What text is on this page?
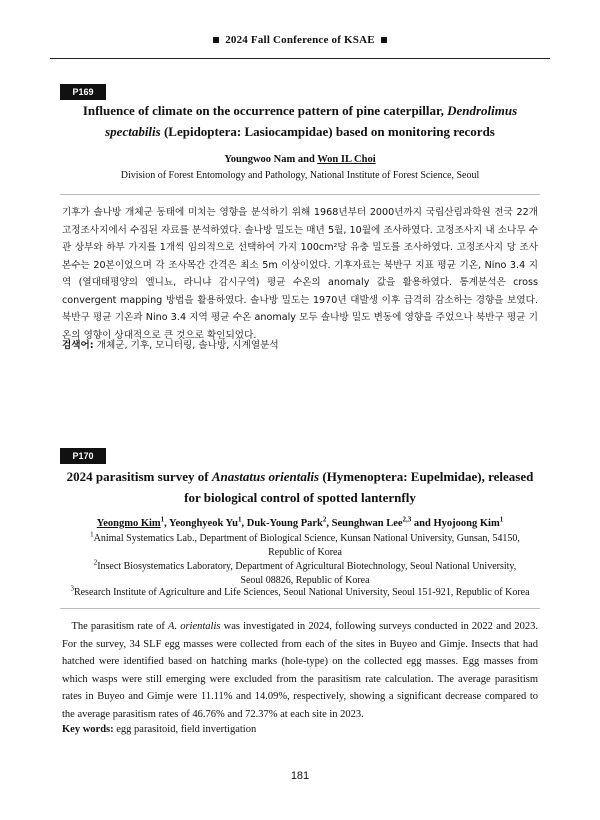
2024 Fall Conference of KSAE
P169
Influence of climate on the occurrence pattern of pine caterpillar, Dendrolimus spectabilis (Lepidoptera: Lasiocampidae) based on monitoring records
Youngwoo Nam and Won IL Choi
Division of Forest Entomology and Pathology, National Institute of Forest Science, Seoul
기후가 솔나방 개체군 동태에 미치는 영향을 분석하기 위해 1968년부터 2000년까지 국립산림과학원 전국 22개 고정조사지에서 수집된 자료를 분석하였다. 솔나방 밀도는 매년 5월, 10월에 조사하였다. 고정조사지 내 소나무 수관 상부와 하부 가지를 1개씩 임의적으로 선택하여 가지 100cm²당 유충 밀도를 조사하였다. 고정조사지 당 조사 본수는 20본이었으며 각 조사목간 간격은 최소 5m 이상이었다. 기후자료는 북반구 지표 평균 기온, Nino 3.4 지역 (열대태평양의 엘니뇨, 라니냐 감시구역) 평균 수온의 anomaly 값을 활용하였다. 통계분석은 cross convergent mapping 방법을 활용하였다. 솔나방 밀도는 1970년 대발생 이후 급격히 감소하는 경향을 보였다. 북반구 평균 기온과 Nino 3.4 지역 평균 수온 anomaly 모두 솔나방 밀도 변동에 영향을 주었으나 북반구 평균 기온의 영향이 상대적으로 큰 것으로 확인되었다.
검색어: 개체군, 기후, 모니터링, 솔나방, 시계열분석
P170
2024 parasitism survey of Anastatus orientalis (Hymenoptera: Eupelmidae), released for biological control of spotted lanternfly
Yeongmo Kim$^1$, Yeonghyeok Yu$^1$, Duk-Young Park$^2$, Seunghwan Lee$^{2,3}$ and Hyojoong Kim$^1$
$^1$Animal Systematics Lab., Department of Biological Science, Kunsan National University, Gunsan, 54150, Republic of Korea
$^2$Insect Biosystematics Laboratory, Department of Agricultural Biotechnology, Seoul National University, Seoul 08826, Republic of Korea
$^3$Research Institute of Agriculture and Life Sciences, Seoul National University, Seoul 151-921, Republic of Korea
The parasitism rate of A. orientalis was investigated in 2024, following surveys conducted in 2022 and 2023. For the survey, 34 SLF egg masses were collected from each of the sites in Buyeo and Gimje. Insects that had hatched were identified based on hatching marks (hole-type) on the collected egg masses. Egg masses from which wasps were still emerging were excluded from the parasitism rate calculation. The average parasitism rates in Buyeo and Gimje were 11.11% and 14.09%, respectively, showing a significant decrease compared to the average parasitism rates of 46.76% and 72.37% at each site in 2023.
Key words: egg parasitoid, field invertigation
181
